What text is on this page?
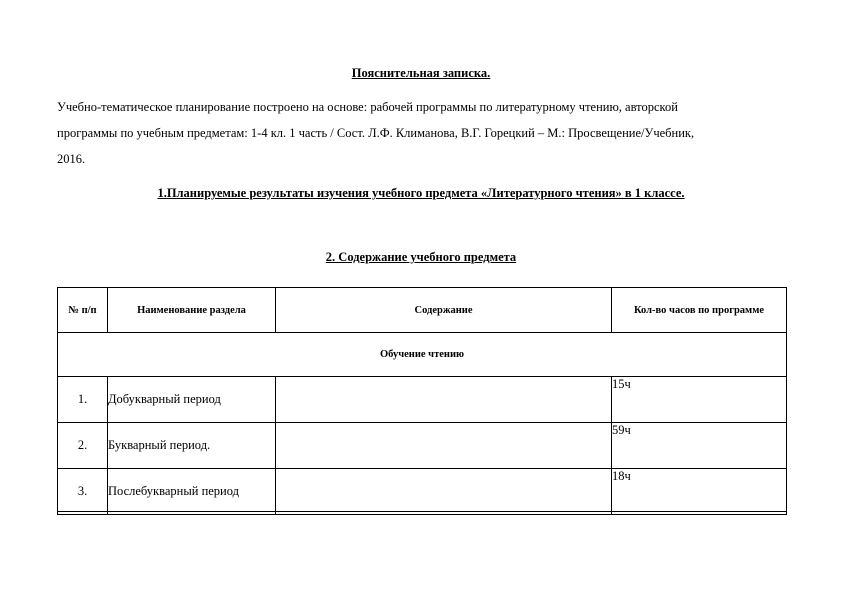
Пояснительная записка.
Учебно-тематическое планирование построено на основе: рабочей программы по литературному чтению, авторской
программы по учебным предметам: 1-4 кл. 1 часть / Сост. Л.Ф. Климанова, В.Г. Горецкий – М.: Просвещение/Учебник,
2016.
1.Планируемые результаты изучения учебного предмета «Литературного чтения» в 1 классе.
2. Содержание учебного предмета
№ п/п	Наименование раздела	Содержание	Кол-во часов по программе
Обучение чтению			
1.	Добукварный период		15ч
2.	Букварный период.		59ч
3.	Послебукварный период		18ч
